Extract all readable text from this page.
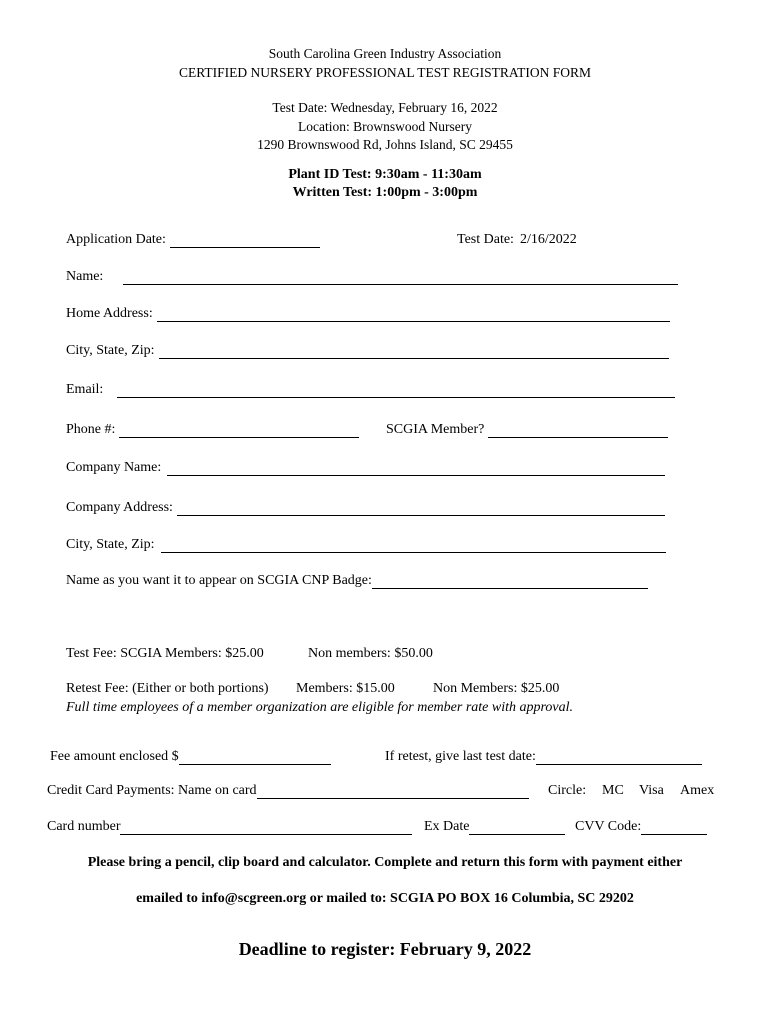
South Carolina Green Industry Association
CERTIFIED NURSERY PROFESSIONAL TEST REGISTRATION FORM
Test Date: Wednesday, February 16, 2022
Location: Brownswood Nursery
1290 Brownswood Rd, Johns Island, SC 29455
Plant ID Test: 9:30am - 11:30am
Written Test: 1:00pm - 3:00pm
Application Date:	Test Date: 2/16/2022
Name:
Home Address:
City, State, Zip:
Email:
Phone #:	SCGIA Member?
Company Name:
Company Address:
City, State, Zip:
Name as you want it to appear on SCGIA CNP Badge:
Test Fee: SCGIA Members: $25.00	Non members: $50.00
Retest Fee: (Either or both portions) Members: $15.00	Non Members: $25.00
Full time employees of a member organization are eligible for member rate with approval.
Fee amount enclosed $	If retest, give last test date:
Credit Card Payments: Name on card	Circle: MC Visa Amex
Card number	Ex Date	CVV Code:
Please bring a pencil, clip board and calculator. Complete and return this form with payment either
emailed to info@scgreen.org or mailed to: SCGIA PO BOX 16 Columbia, SC 29202
Deadline to register: February 9, 2022
